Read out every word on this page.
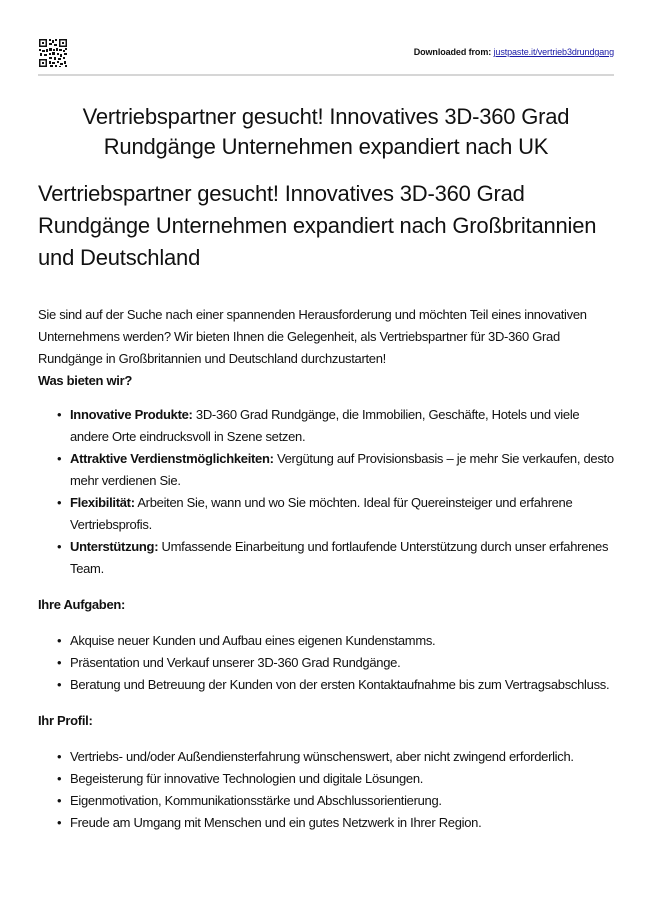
Downloaded from: justpaste.it/vertrieb3drundgang
Vertriebspartner gesucht! Innovatives 3D-360 Grad Rundgänge Unternehmen expandiert nach UK
Vertriebspartner gesucht! Innovatives 3D-360 Grad Rundgänge Unternehmen expandiert nach Großbritannien und Deutschland

Sie sind auf der Suche nach einer spannenden Herausforderung und möchten Teil eines innovativen Unternehmens werden? Wir bieten Ihnen die Gelegenheit, als Vertriebspartner für 3D-360 Grad Rundgänge in Großbritannien und Deutschland durchzustarten!

Was bieten wir?

• Innovative Produkte: 3D-360 Grad Rundgänge, die Immobilien, Geschäfte, Hotels und viele andere Orte eindrucksvoll in Szene setzen.
• Attraktive Verdienstmöglichkeiten: Vergütung auf Provisionsbasis – je mehr Sie verkaufen, desto mehr verdienen Sie.
• Flexibilität: Arbeiten Sie, wann und wo Sie möchten. Ideal für Quereinsteiger und erfahrene Vertriebsprofis.
• Unterstützung: Umfassende Einarbeitung und fortlaufende Unterstützung durch unser erfahrenes Team.

Ihre Aufgaben:

• Akquise neuer Kunden und Aufbau eines eigenen Kundenstamms.
• Präsentation und Verkauf unserer 3D-360 Grad Rundgänge.
• Beratung und Betreuung der Kunden von der ersten Kontaktaufnahme bis zum Vertragsabschluss.

Ihr Profil:

• Vertriebs- und/oder Außendiensterfahrung wünschenswert, aber nicht zwingend erforderlich.
• Begeisterung für innovative Technologien und digitale Lösungen.
• Eigenmotivation, Kommunikationsstärke und Abschlussorientierung.
• Freude am Umgang mit Menschen und ein gutes Netzwerk in Ihrer Region.
